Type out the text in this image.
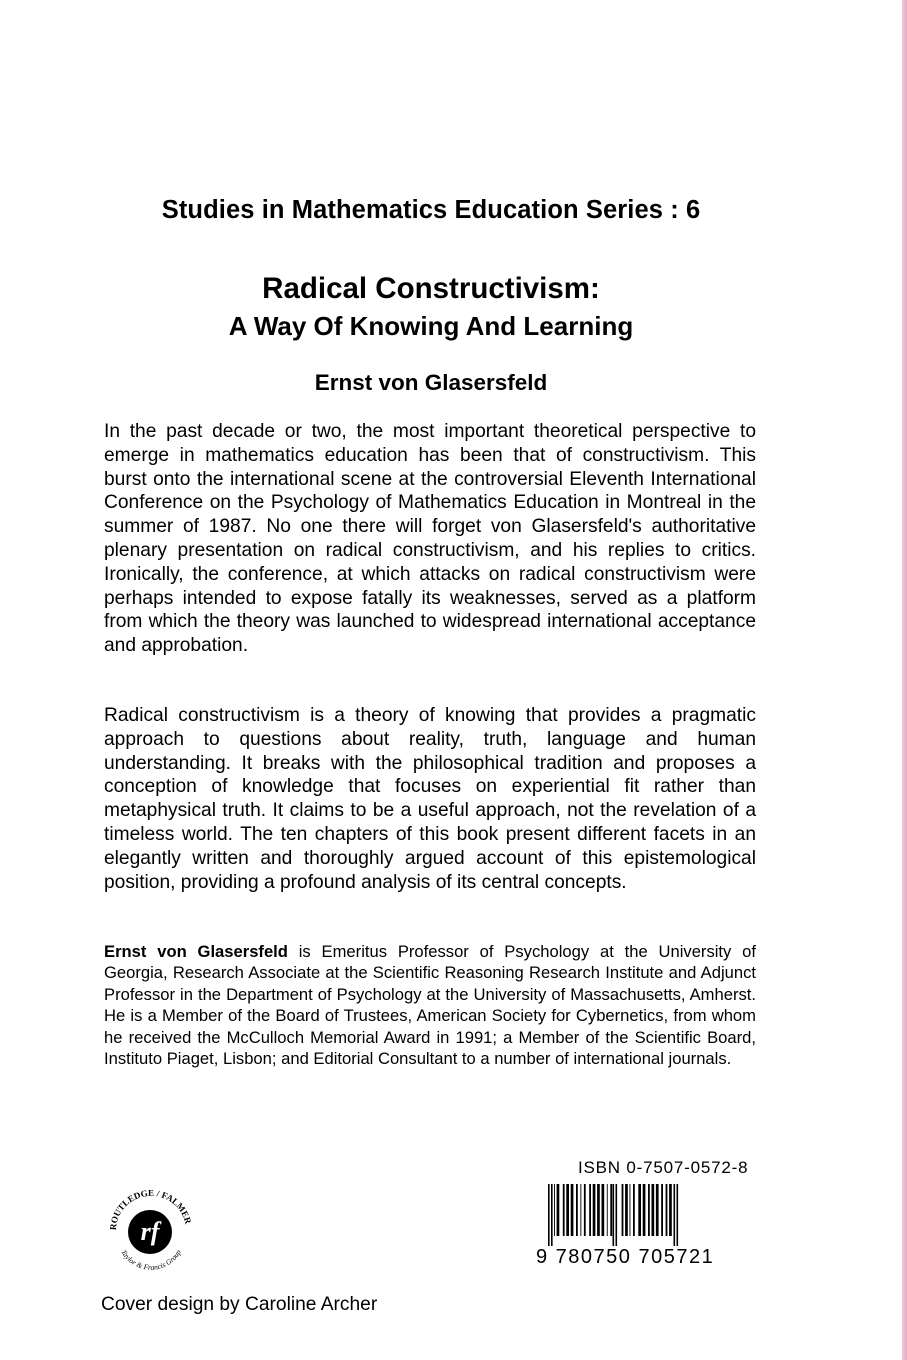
Studies in Mathematics Education Series : 6
Radical Constructivism:
A Way Of Knowing And Learning
Ernst von Glasersfeld
In the past decade or two, the most important theoretical perspective to emerge in mathematics education has been that of constructivism. This burst onto the international scene at the controversial Eleventh International Conference on the Psychology of Mathematics Education in Montreal in the summer of 1987. No one there will forget von Glasersfeld's authoritative plenary presentation on radical constructivism, and his replies to critics. Ironically, the conference, at which attacks on radical constructivism were perhaps intended to expose fatally its weaknesses, served as a platform from which the theory was launched to widespread international acceptance and approbation.
Radical constructivism is a theory of knowing that provides a pragmatic approach to questions about reality, truth, language and human understanding. It breaks with the philosophical tradition and proposes a conception of knowledge that focuses on experiential fit rather than metaphysical truth. It claims to be a useful approach, not the revelation of a timeless world. The ten chapters of this book present different facets in an elegantly written and thoroughly argued account of this epistemological position, providing a profound analysis of its central concepts.
Ernst von Glasersfeld is Emeritus Professor of Psychology at the University of Georgia, Research Associate at the Scientific Reasoning Research Institute and Adjunct Professor in the Department of Psychology at the University of Massachusetts, Amherst. He is a Member of the Board of Trustees, American Society for Cybernetics, from whom he received the McCulloch Memorial Award in 1991; a Member of the Scientific Board, Instituto Piaget, Lisbon; and Editorial Consultant to a number of international journals.
ISBN 0-7507-0572-8
9 780750 705721
rf
ROUTLEDGE / FALMER
Taylor & Francis Group
Cover design by Caroline Archer
